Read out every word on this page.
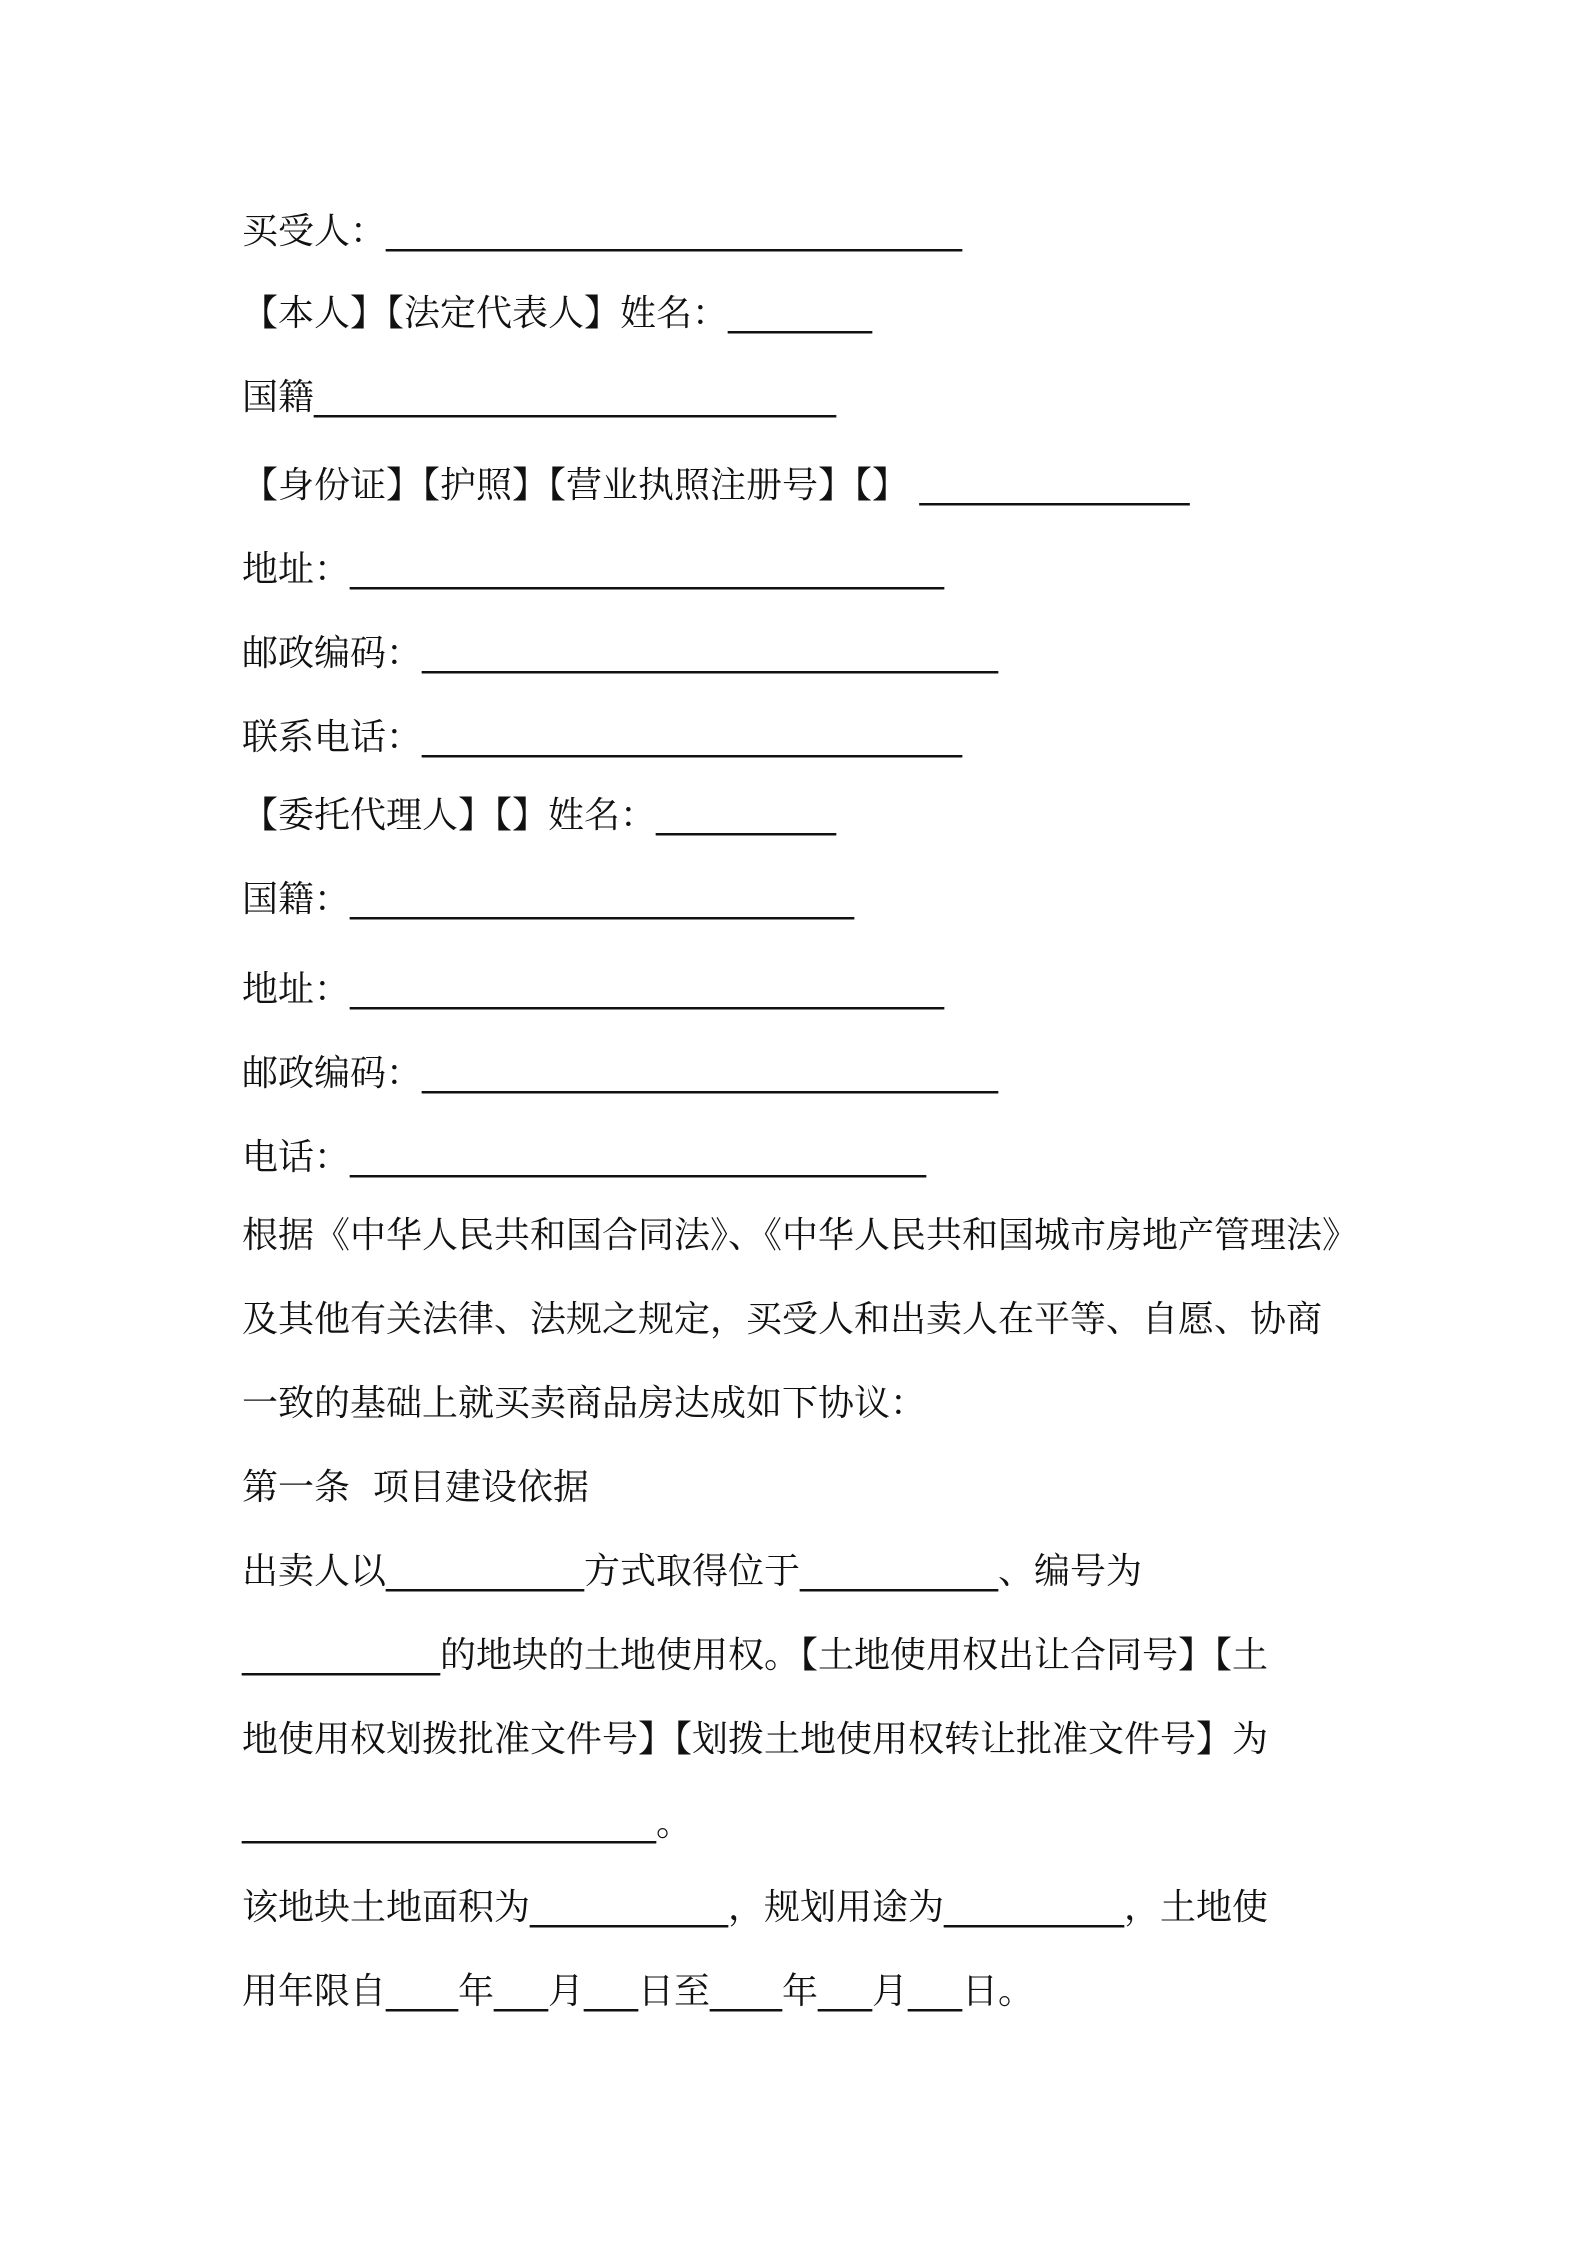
买受人：________________________________
【本人】【法定代表人】姓名：________
国籍_____________________________
【身份证】【护照】【营业执照注册号】【】 _______________
地址：_________________________________
邮政编码：________________________________
联系电话：______________________________
【委托代理人】【】姓名：__________
国籍：____________________________
地址：_________________________________
邮政编码：________________________________
电话：________________________________
根据《中华人民共和国合同法》、《中华人民共和国城市房地产管理法》
及其他有关法律、法规之规定，买受人和出卖人在平等、自愿、协商
一致的基础上就买卖商品房达成如下协议：
第一条  项目建设依据
出卖人以___________方式取得位于___________、编号为
___________的地块的土地使用权。【土地使用权出让合同号】【土
地使用权划拨批准文件号】【划拨土地使用权转让批准文件号】为
_______________________。
该地块土地面积为___________，规划用途为__________，土地使
用年限自____年___月___日至____年___月___日。
